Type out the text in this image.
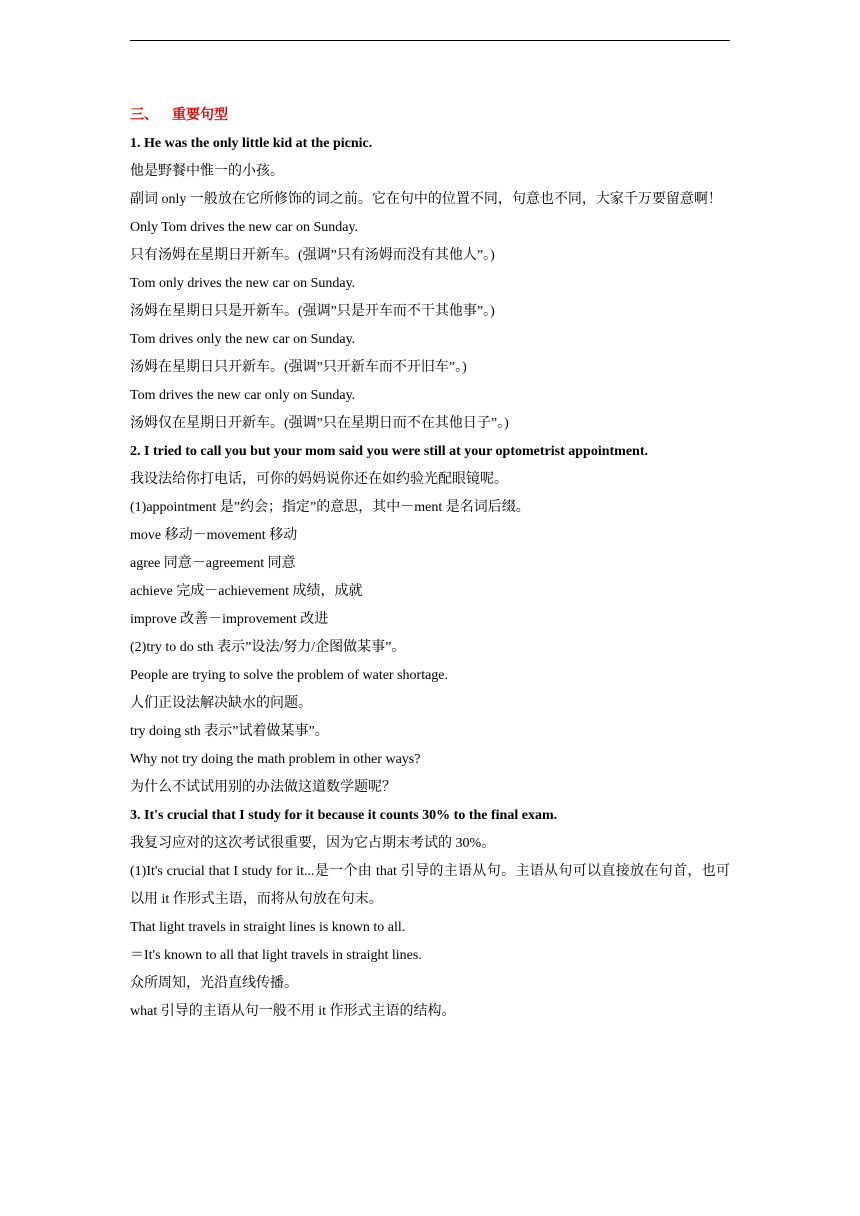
三、 重要句型
1. He was the only little kid at the picnic.
他是野餐中惟一的小孩。
副词 only 一般放在它所修饰的词之前。它在句中的位置不同，句意也不同，大家千万要留意啊！
Only Tom drives the new car on Sunday.
只有汤姆在星期日开新车。(强调”只有汤姆而没有其他人”。)
Tom only drives the new car on Sunday.
汤姆在星期日只是开新车。(强调”只是开车而不干其他事”。)
Tom drives only the new car on Sunday.
汤姆在星期日只开新车。(强调”只开新车而不开旧车”。)
Tom drives the new car only on Sunday.
汤姆仅在星期日开新车。(强调”只在星期日而不在其他日子”。)
2. I tried to call you but your mom said you were still at your optometrist appointment.
我设法给你打电话，可你的妈妈说你还在如约验光配眼镜呢。
(1)appointment 是”约会；指定”的意思，其中－ment 是名词后缀。
move 移动－movement 移动
agree 同意－agreement 同意
achieve 完成－achievement 成绩，成就
improve 改善－improvement 改进
(2)try to do sth 表示”设法/努力/企图做某事”。
People are trying to solve the problem of water shortage.
人们正设法解决缺水的问题。
try doing sth 表示”试着做某事”。
Why not try doing the math problem in other ways?
为什么不试试用别的办法做这道数学题呢？
3. It's crucial that I study for it because it counts 30% to the final exam.
我复习应对的这次考试很重要，因为它占期末考试的 30%。
(1)It's crucial that I study for it...是一个由 that 引导的主语从句。主语从句可以直接放在句首，也可以用 it 作形式主语，而将从句放在句末。
That light travels in straight lines is known to all.
＝It's known to all that light travels in straight lines.
众所周知，光沿直线传播。
what 引导的主语从句一般不用 it 作形式主语的结构。
